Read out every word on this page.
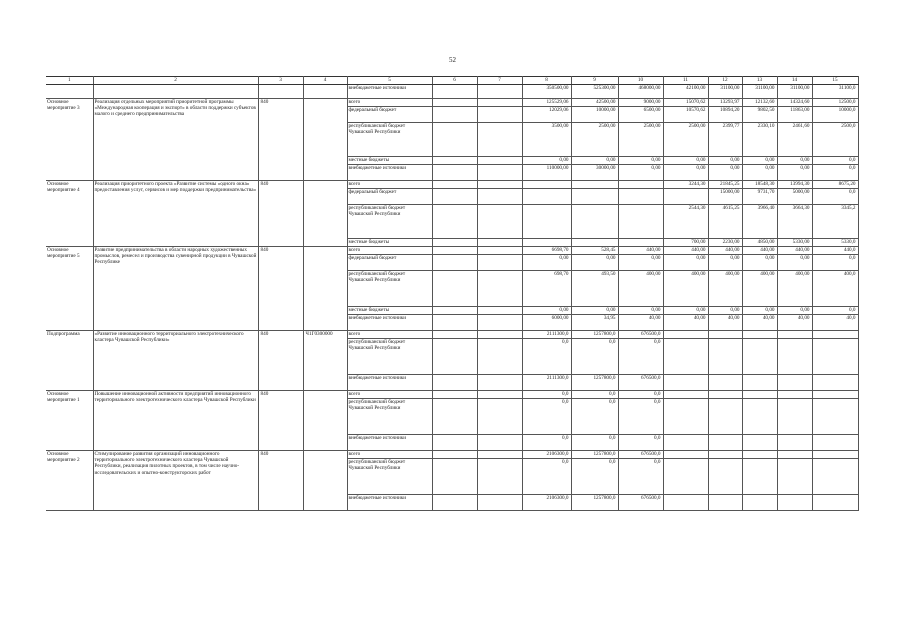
52
1	2	3	4	5	6	7	8	9	10	11	12	13	14	15
				внебюджетные источники			350500,00	525300,00	468000,00	42100,00	31100,00	31100,00	31100,00	31100,0
Основное мероприятие 3	Реализация отдельных мероприятий приоритетной программы «Международная кооперация и экспорт» в области поддержки субъектов малого и среднего предпринимательства	840		всего			125529,06	42500,00	9000,00	15070,62	13293,97	12132,60	14324,60	12500,0
				федеральный бюджет			12029,06	10000,00	6500,00	10570,62	10894,20	9802,50	11863,00	10000,0
				республиканский бюджет Чувашской Республики			3500,00	2500,00	2500,00	2500,00	2399,77	2330,10	2461,60	2500,0
				местные бюджеты			0,00	0,00	0,00	0,00	0,00	0,00	0,00	0,0
				внебюджетные источники			110000,00	30000,00	0,00	0,00	0,00	0,00	0,00	0,0
Основное мероприятие 4	Реализация приоритетного проекта «Развитие системы «одного окна» предоставления услуг, сервисов и мер поддержки предпринимательства»	840		всего						3244,30	21845,25	18548,30	13994,30	8675,20
				федеральный бюджет							15000,00	9731,70	5000,00	0,0
				республиканский бюджет Чувашской Республики						2544,30	4615,25	3966,40	3664,30	3345,2
				местные бюджеты						700,00	2230,00	4850,00	5330,00	5330,0
Основное мероприятие 5	Развитие предпринимательства в области народных художественных промыслов, ремесел и производства сувенирной продукции в Чувашской Республике	840		всего			6698,70	528,45	440,00	440,00	440,00	440,00	440,00	440,0
				федеральный бюджет			0,00	0,00	0,00	0,00	0,00	0,00	0,00	0,0
				республиканский бюджет Чувашской Республики			698,70	493,50	400,00	400,00	400,00	400,00	400,00	400,0
				местные бюджеты			0,00	0,00	0,00	0,00	0,00	0,00	0,00	0,0
				внебюджетные источники			6000,00	34,95	40,00	40,00	40,00	40,00	40,00	40,0
Подпрограмма	«Развитие инновационного территориального электротехнического кластера Чувашской Республики»	840	Ч1Г0300000	всего			2111300,0	1257800,0	676500,0					
				республиканский бюджет Чувашской Республики			0,0	0,0	0,0					
				внебюджетные источники			2111300,0	1257800,0	676500,0					
Основное мероприятие 1	Повышение инновационной активности предприятий инновационного территориального электротехнического кластера Чувашской Республики	840		всего			0,0	0,0	0,0					
				республиканский бюджет Чувашской Республики			0,0	0,0	0,0					
				внебюджетные источники			0,0	0,0	0,0					
Основное мероприятие 2	Стимулирование развития организаций инновационного территориального электротехнического кластера Чувашской Республики, реализация пилотных проектов, в том числе научно-исследовательских и опытно-конструкторских работ	840		всего			2106300,0	1257800,0	676500,0					
				республиканский бюджет Чувашской Республики			0,0	0,0	0,0					
				внебюджетные источники			2106300,0	1257800,0	676500,0					
